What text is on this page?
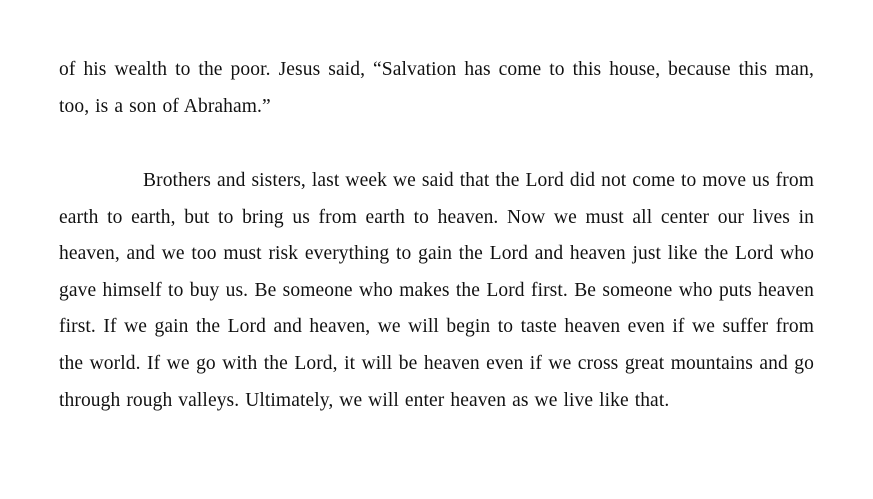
of his wealth to the poor. Jesus said, “Salvation has come to this house, because this man, too, is a son of Abraham.”

Brothers and sisters, last week we said that the Lord did not come to move us from earth to earth, but to bring us from earth to heaven. Now we must all center our lives in heaven, and we too must risk everything to gain the Lord and heaven just like the Lord who gave himself to buy us. Be someone who makes the Lord first. Be someone who puts heaven first. If we gain the Lord and heaven, we will begin to taste heaven even if we suffer from the world. If we go with the Lord, it will be heaven even if we cross great mountains and go through rough valleys. Ultimately, we will enter heaven as we live like that.
